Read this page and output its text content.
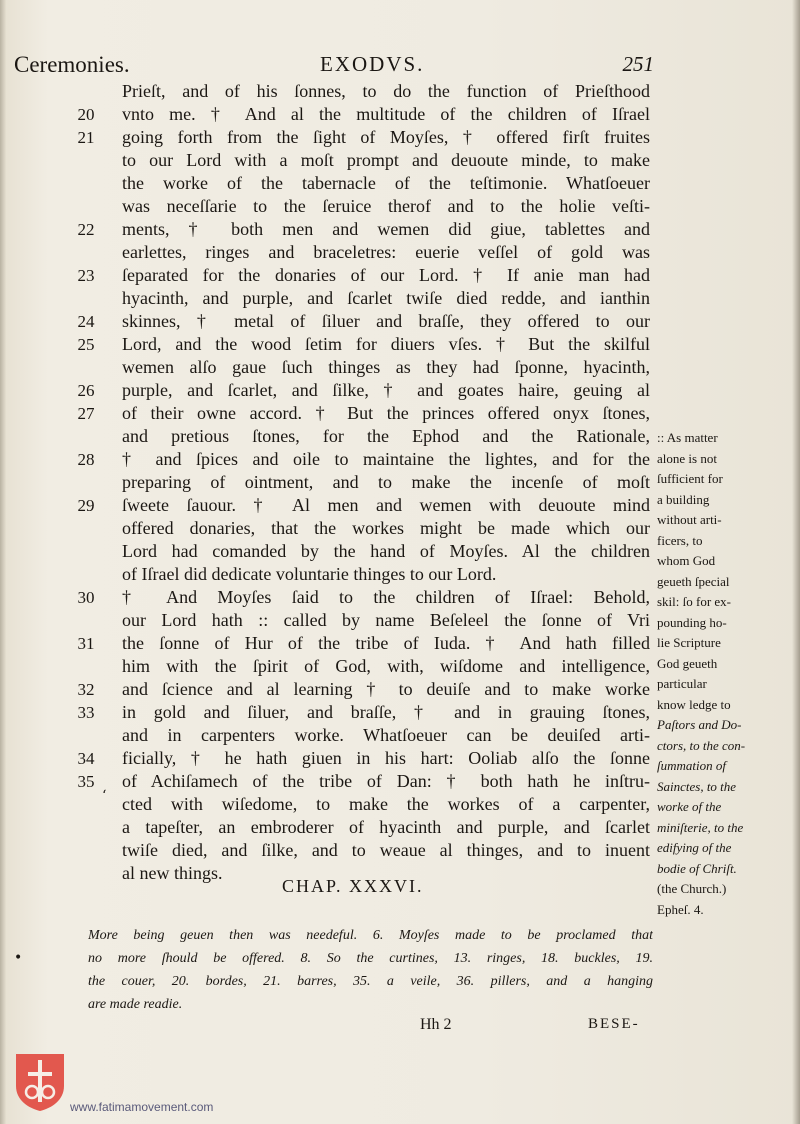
Ceremonies.	EXODVS.	251
Prieſt, and of his ſonnes, to do the function of Prieſthood
20	vnto me. † And al the multitude of the children of Iſrael
21	going forth from the ſight of Moyſes, † offered firſt fruites
to our Lord with a moſt prompt and deuoute minde, to make
the worke of the tabernacle of the teſtimonie. Whatſoeuer
was neceſſarie to the ſeruice therof and to the holie veſti-
22	ments, † both men and wemen did giue, tablettes and
earlettes, ringes and braceletres: euerie veſſel of gold was
23	ſeparated for the donaries of our Lord. † If anie man had
hyacinth, and purple, and ſcarlet twiſe died redde, and ianthin
24	skinnes, † metal of ſiluer and braſſe, they offered to our
25	Lord, and the wood ſetim for diuers vſes. † But the skilful
wemen alſo gaue ſuch thinges as they had ſponne, hyacinth,
26	purple, and ſcarlet, and ſilke, † and goates haire, geuing al
27	of their owne accord. † But the princes offered onyx ſtones,
and pretious ſtones, for the Ephod and the Rationale,
28	† and ſpices and oile to maintaine the lightes, and for the
preparing of ointment, and to make the incenſe of moſt
29	ſweete ſauour. † Al men and wemen with deuoute mind
offered donaries, that the workes might be made which our
Lord had comanded by the hand of Moyſes. Al the children
of Iſrael did dedicate voluntarie thinges to our Lord.
30	† And Moyſes ſaid to the children of Iſrael: Behold,
our Lord hath :: called by name Beſeleel the ſonne of Vri
31	the ſonne of Hur of the tribe of Iuda. † And hath filled
him with the ſpirit of God, with, wiſdome and intelligence,
32	and ſcience and al learning † to deuiſe and to make worke
33	in gold and ſiluer, and braſſe, † and in grauing ſtones,
and in carpenters worke. Whatſoeuer can be deuiſed arti-
34	ficially, † he hath giuen in his hart: Ooliab alſo the ſonne
35	of Achiſamech of the tribe of Dan: † both hath he inſtru-
cted with wiſedome, to make the workes of a carpenter,
a tapeſter, an embroderer of hyacinth and purple, and ſcarlet
twiſe died, and ſilke, and to weaue al thinges, and to inuent
al new things.
:: As matter
alone is not
ſufficient for
a building
without arti-
ficers, to
whom God
geueth ſpecial
skil: ſo for ex-
pounding ho-
lie Scripture
God geueth
particular
know ledge to
Paſtors and Do-
ctors, to the con-
ſummation of
Sainctes, to the
worke of the
miniſterie, to the
edifying of the
bodie of Chriſt.
(the Church.)
Epheſ. 4.
CHAP. XXXVI.
More being geuen then was needeful. 6. Moyſes made to be proclamed that
no more ſhould be offered. 8. So the curtines, 13. ringes, 18. buckles, 19.
the couer, 20. bordes, 21. barres, 35. a veile, 36. pillers, and a hanging
are made readie.
•
ʻ
Hh 2	BESE-
www.fatimamovement.com
